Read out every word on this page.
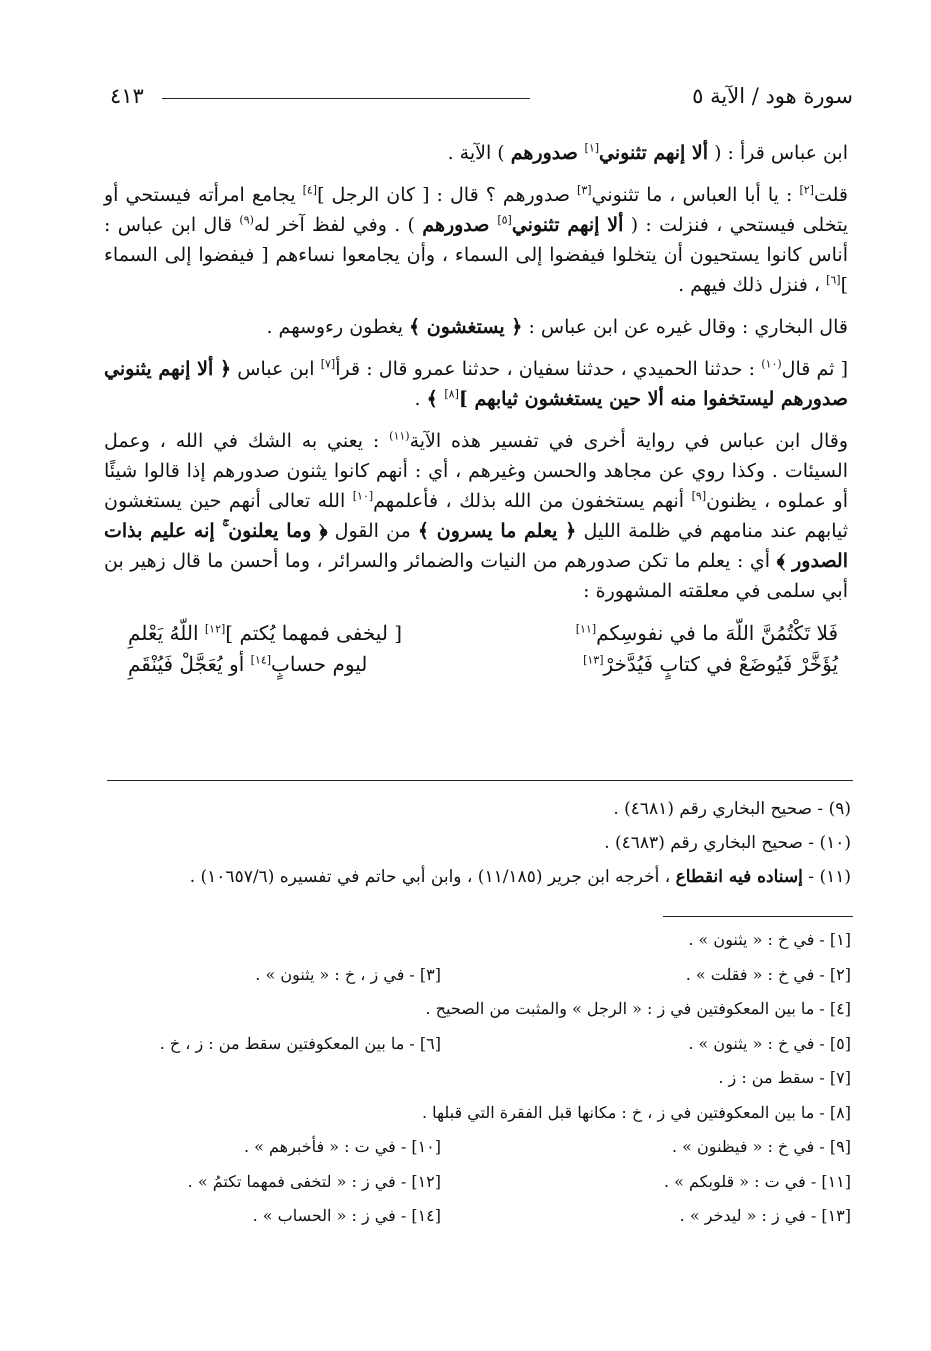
سورة هود / الآية ٥
٤١٣

ابن عباس قرأ : ( ألا إنهم تثنوني[١] صدورهم ) الآية .

قلت[٢] : يا أبا العباس ، ما تثنوني[٣] صدورهم ؟ قال : [ كان الرجل ][٤] يجامع امرأته فيستحي أو يتخلى فيستحي ، فنزلت : ( ألا إنهم تثنوني[٥] صدورهم ) . وفي لفظ آخر له$^{(٩)}$ قال ابن عباس : أناس كانوا يستحيون أن يتخلوا فيفضوا إلى السماء ، وأن يجامعوا نساءهم [ فيفضوا إلى السماء ][٦] ، فنزل ذلك فيهم .

قال البخاري : وقال غيره عن ابن عباس : ﴿ يستغشون ﴾ يغطون رءوسهم .

[ ثم قال$^{(١٠)}$ : حدثنا الحميدي ، حدثنا سفيان ، حدثنا عمرو قال : قرأ[٧] ابن عباس ﴿ ألا إنهم يثنوني صدورهم ليستخفوا منه ألا حين يستغشون ثيابهم ][٨] ﴾ .

وقال ابن عباس في رواية أخرى في تفسير هذه الآية$^{(١١)}$ : يعني به الشك في الله ، وعمل السيئات . وكذا روي عن مجاهد والحسن وغيرهم ، أي : أنهم كانوا يثنون صدورهم إذا قالوا شيئًا أو عملوه ، يظنون[٩] أنهم يستخفون من الله بذلك ، فأعلمهم[١٠] الله تعالى أنهم حين يستغشون ثيابهم عند منامهم في ظلمة الليل ﴿ يعلم ما يسرون ﴾ من القول ﴿ وما يعلنون ۚ إنه عليم بذات الصدور ﴾ أي : يعلم ما تكن صدورهم من النيات والضمائر والسرائر ، وما أحسن ما قال زهير بن أبي سلمى في معلقته المشهورة :

فَلا تَكْتُمُنَّ اللّهَ ما في نفوسِكم[١١]
[ ليخفى فمهما يُكتم ][١٢] اللّهُ يَعْلمِ
يُؤَخَّرْ فَيُوضَعْ في كتابٍ فَيُدَّخرْ[١٣]
ليوم حسابٍ[١٤] أو يُعَجَّلْ فَيُنْقَمِ
(٩) - صحيح البخاري رقم (٤٦٨١) .
(١٠) - صحيح البخاري رقم (٤٦٨٣) .
(١١) - إسناده فيه انقطاع ، أخرجه ابن جرير (١١/١٨٥) ، وابن أبي حاتم في تفسيره (١٠٦٥٧/٦) .
[١] - في خ : « يثنون » .
[٢] - في خ : « فقلت » .
[٣] - في ز ، خ : « يثنون » .
[٤] - ما بين المعكوفتين في ز : « الرجل » والمثبت من الصحيح .
[٥] - في خ : « يثنون » .
[٦] - ما بين المعكوفتين سقط من : ز ، خ .
[٧] - سقط من : ز .
[٨] - ما بين المعكوفتين في ز ، خ : مكانها قبل الفقرة التي قبلها .
[٩] - في خ : « فيظنون » .
[١٠] - في ت : « فأخبرهم » .
[١١] - في ت : « قلوبكم » .
[١٢] - في ز : « لتخفى فمهما تكتمُ » .
[١٣] - في ز : « ليدخر » .
[١٤] - في ز : « الحساب » .
